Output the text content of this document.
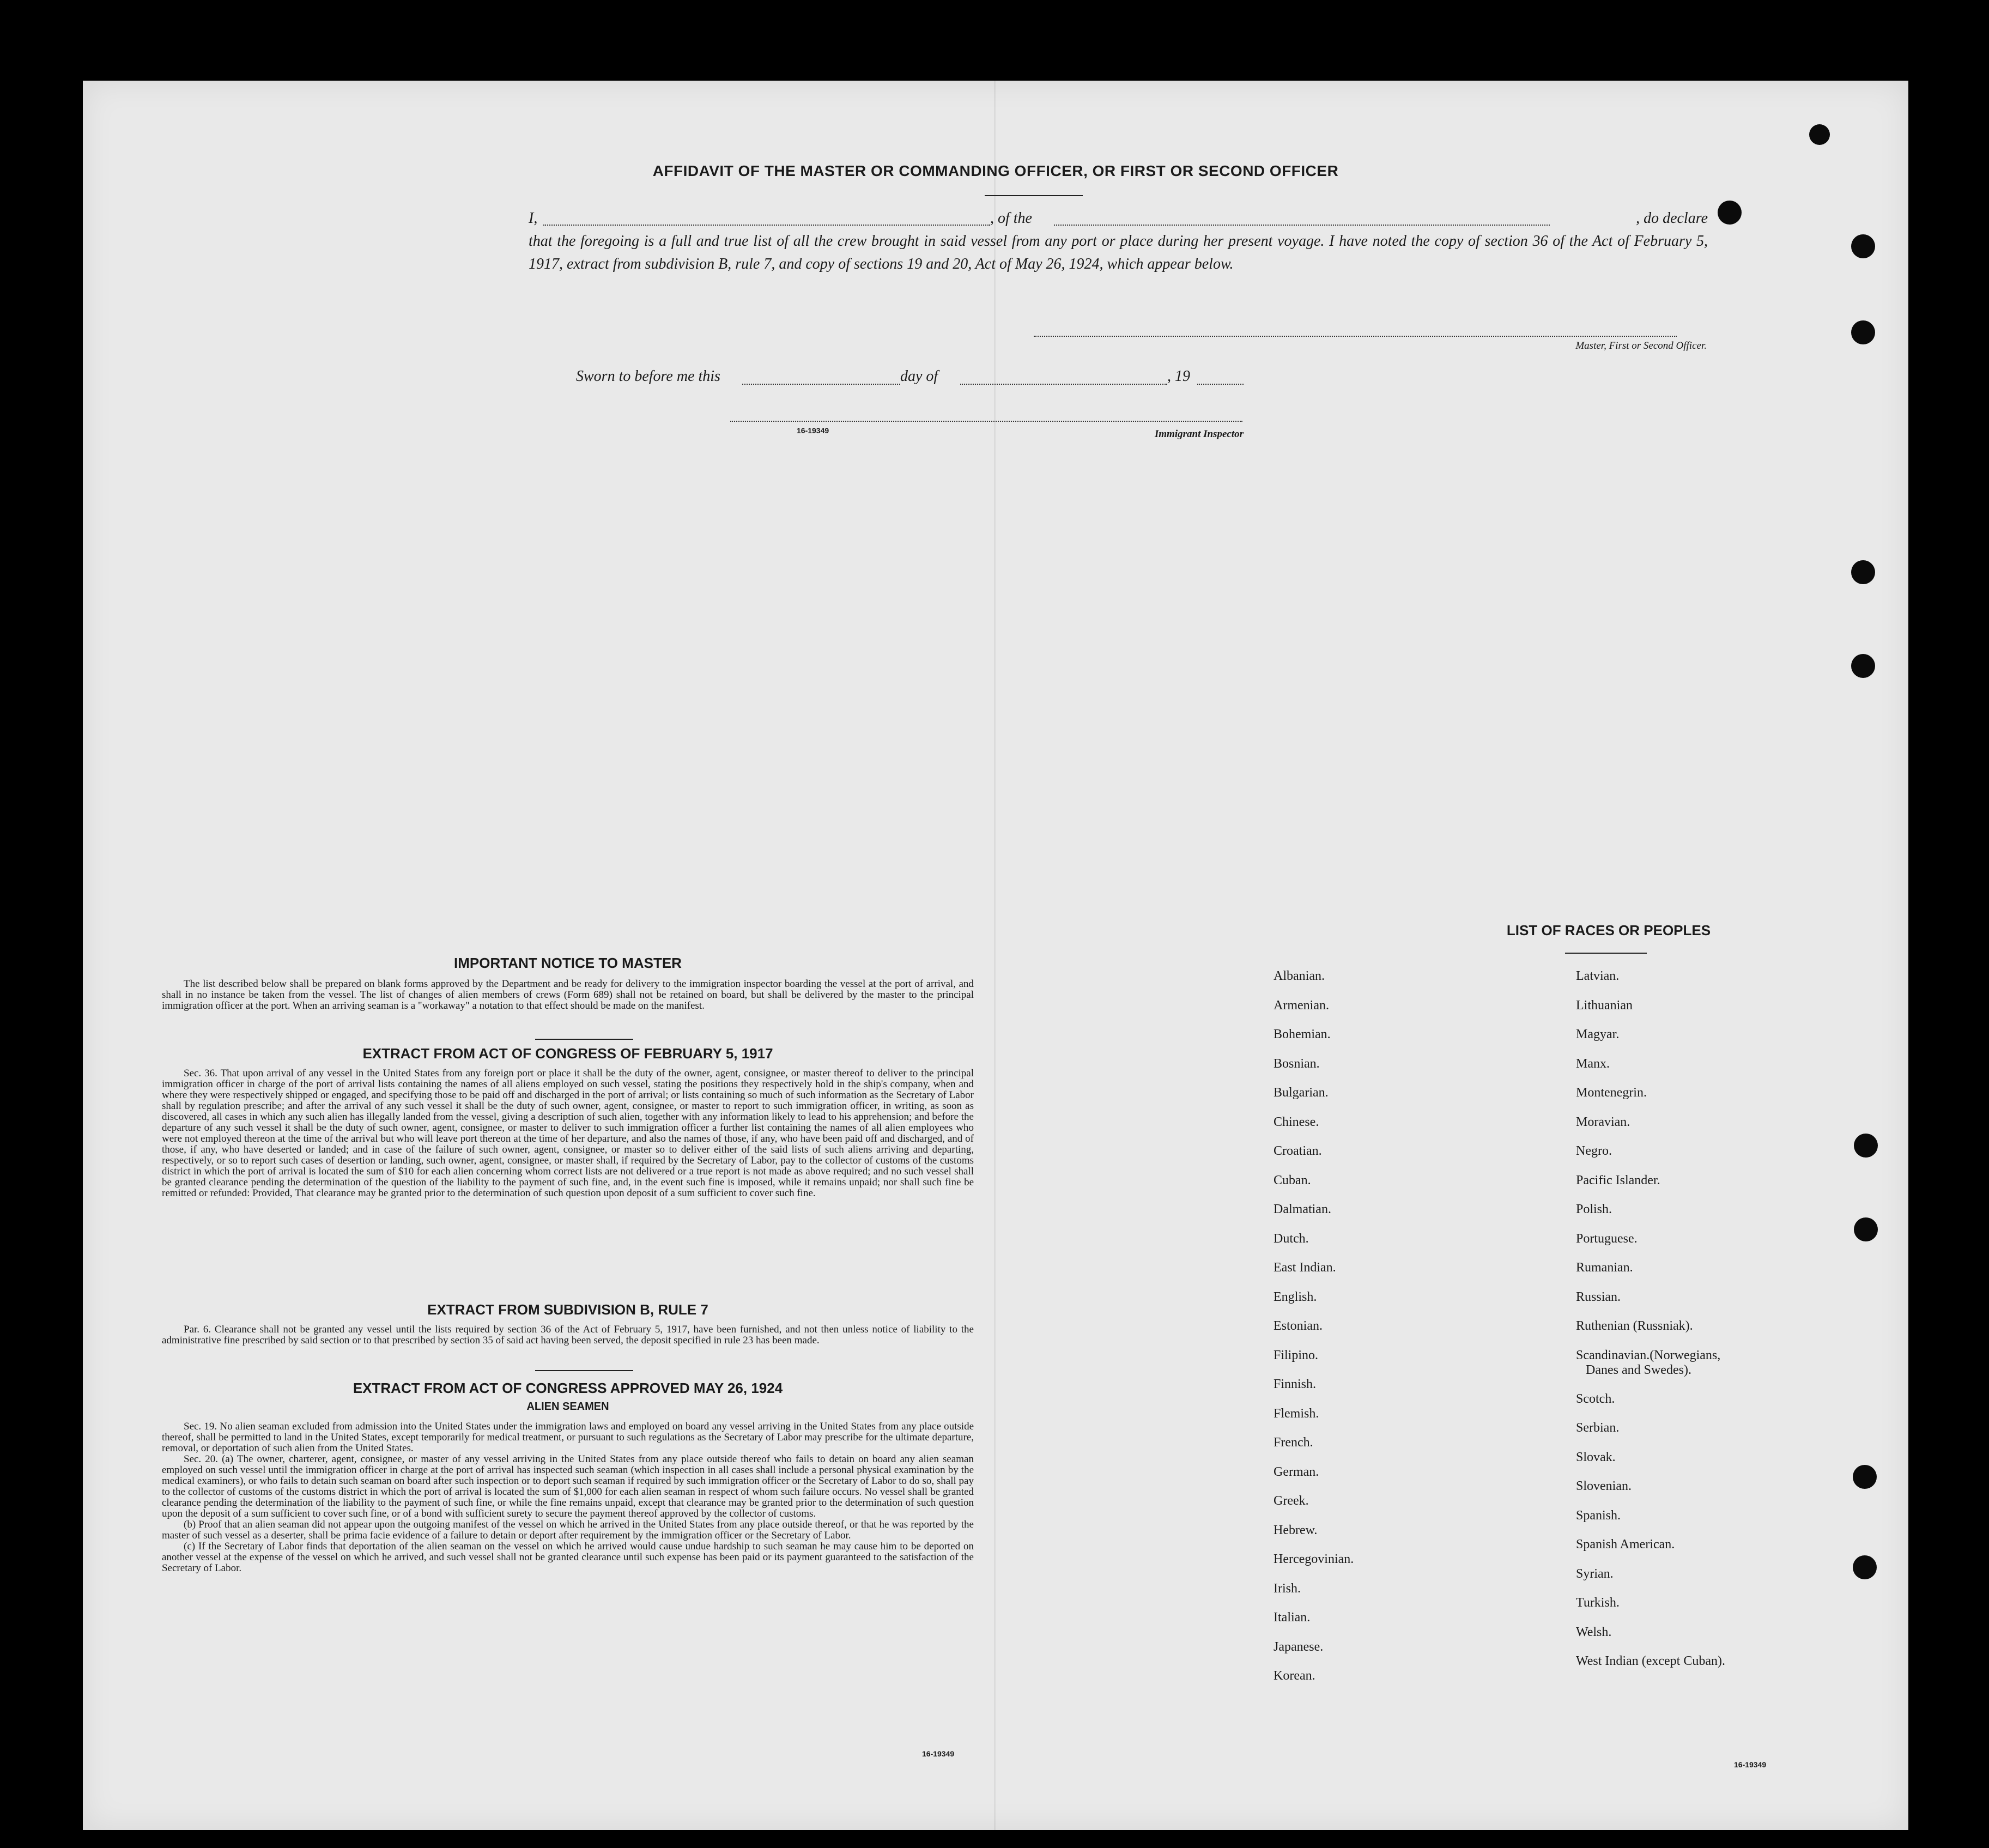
AFFIDAVIT OF THE MASTER OR COMMANDING OFFICER, OR FIRST OR SECOND OFFICER
I,	, of the	, do declare
that the foregoing is a full and true list of all the crew brought in said vessel from any port or place during her present voyage. I have noted the copy of section 36 of the Act of February 5, 1917, extract from subdivision B, rule 7, and copy of sections 19 and 20, Act of May 26, 1924, which appear below.
Master, First or Second Officer.
Sworn to before me this	day of	, 19
16-19349	Immigrant Inspector
IMPORTANT NOTICE TO MASTER

The list described below shall be prepared on blank forms approved by the Department and be ready for delivery to the immigration inspector boarding the vessel at the port of arrival, and shall in no instance be taken from the vessel. The list of changes of alien members of crews (Form 689) shall not be retained on board, but shall be delivered by the master to the principal immigration officer at the port. When an arriving seaman is a "workaway" a notation to that effect should be made on the manifest.

EXTRACT FROM ACT OF CONGRESS OF FEBRUARY 5, 1917

Sec. 36. That upon arrival of any vessel in the United States from any foreign port or place it shall be the duty of the owner, agent, consignee, or master thereof to deliver to the principal immigration officer in charge of the port of arrival lists containing the names of all aliens employed on such vessel, stating the positions they respectively hold in the ship's company, when and where they were respectively shipped or engaged, and specifying those to be paid off and discharged in the port of arrival; or lists containing so much of such information as the Secretary of Labor shall by regulation prescribe; and after the arrival of any such vessel it shall be the duty of such owner, agent, consignee, or master to report to such immigration officer, in writing, as soon as discovered, all cases in which any such alien has illegally landed from the vessel, giving a description of such alien, together with any information likely to lead to his apprehension; and before the departure of any such vessel it shall be the duty of such owner, agent, consignee, or master to deliver to such immigration officer a further list containing the names of all alien employees who were not employed thereon at the time of the arrival but who will leave port thereon at the time of her departure, and also the names of those, if any, who have been paid off and discharged, and of those, if any, who have deserted or landed; and in case of the failure of such owner, agent, consignee, or master so to deliver either of the said lists of such aliens arriving and departing, respectively, or so to report such cases of desertion or landing, such owner, agent, consignee, or master shall, if required by the Secretary of Labor, pay to the collector of customs of the customs district in which the port of arrival is located the sum of $10 for each alien concerning whom correct lists are not delivered or a true report is not made as above required; and no such vessel shall be granted clearance pending the determination of the question of the liability to the payment of such fine, and, in the event such fine is imposed, while it remains unpaid; nor shall such fine be remitted or refunded: Provided, That clearance may be granted prior to the determination of such question upon deposit of a sum sufficient to cover such fine.

EXTRACT FROM SUBDIVISION B, RULE 7

Par. 6. Clearance shall not be granted any vessel until the lists required by section 36 of the Act of February 5, 1917, have been furnished, and not then unless notice of liability to the administrative fine prescribed by said section or to that prescribed by section 35 of said act having been served, the deposit specified in rule 23 has been made.

EXTRACT FROM ACT OF CONGRESS APPROVED MAY 26, 1924
ALIEN SEAMEN

Sec. 19. No alien seaman excluded from admission into the United States under the immigration laws and employed on board any vessel arriving in the United States from any place outside thereof, shall be permitted to land in the United States, except temporarily for medical treatment, or pursuant to such regulations as the Secretary of Labor may prescribe for the ultimate departure, removal, or deportation of such alien from the United States.

Sec. 20. (a) The owner, charterer, agent, consignee, or master of any vessel arriving in the United States from any place outside thereof who fails to detain on board any alien seaman employed on such vessel until the immigration officer in charge at the port of arrival has inspected such seaman (which inspection in all cases shall include a personal physical examination by the medical examiners), or who fails to detain such seaman on board after such inspection or to deport such seaman if required by such immigration officer or the Secretary of Labor to do so, shall pay to the collector of customs of the customs district in which the port of arrival is located the sum of $1,000 for each alien seaman in respect of whom such failure occurs. No vessel shall be granted clearance pending the determination of the liability to the payment of such fine, or while the fine remains unpaid, except that clearance may be granted prior to the determination of such question upon the deposit of a sum sufficient to cover such fine, or of a bond with sufficient surety to secure the payment thereof approved by the collector of customs.

(b) Proof that an alien seaman did not appear upon the outgoing manifest of the vessel on which he arrived in the United States from any place outside thereof, or that he was reported by the master of such vessel as a deserter, shall be prima facie evidence of a failure to detain or deport after requirement by the immigration officer or the Secretary of Labor.

(c) If the Secretary of Labor finds that deportation of the alien seaman on the vessel on which he arrived would cause undue hardship to such seaman he may cause him to be deported on another vessel at the expense of the vessel on which he arrived, and such vessel shall not be granted clearance until such expense has been paid or its payment guaranteed to the satisfaction of the Secretary of Labor.

16-19349
LIST OF RACES OR PEOPLES
Albanian.
Armenian.
Bohemian.
Bosnian.
Bulgarian.
Chinese.
Croatian.
Cuban.
Dalmatian.
Dutch.
East Indian.
English.
Estonian.
Filipino.
Finnish.
Flemish.
French.
German.
Greek.
Hebrew.
Hercegovinian.
Irish.
Italian.
Japanese.
Korean.
Latvian.
Lithuanian
Magyar.
Manx.
Montenegrin.
Moravian.
Negro.
Pacific Islander.
Polish.
Portuguese.
Rumanian.
Russian.
Ruthenian (Russniak).
Scandinavian.(Norwegians,
Danes and Swedes).
Scotch.
Serbian.
Slovak.
Slovenian.
Spanish.
Spanish American.
Syrian.
Turkish.
Welsh.
West Indian (except Cuban).
16-19349
